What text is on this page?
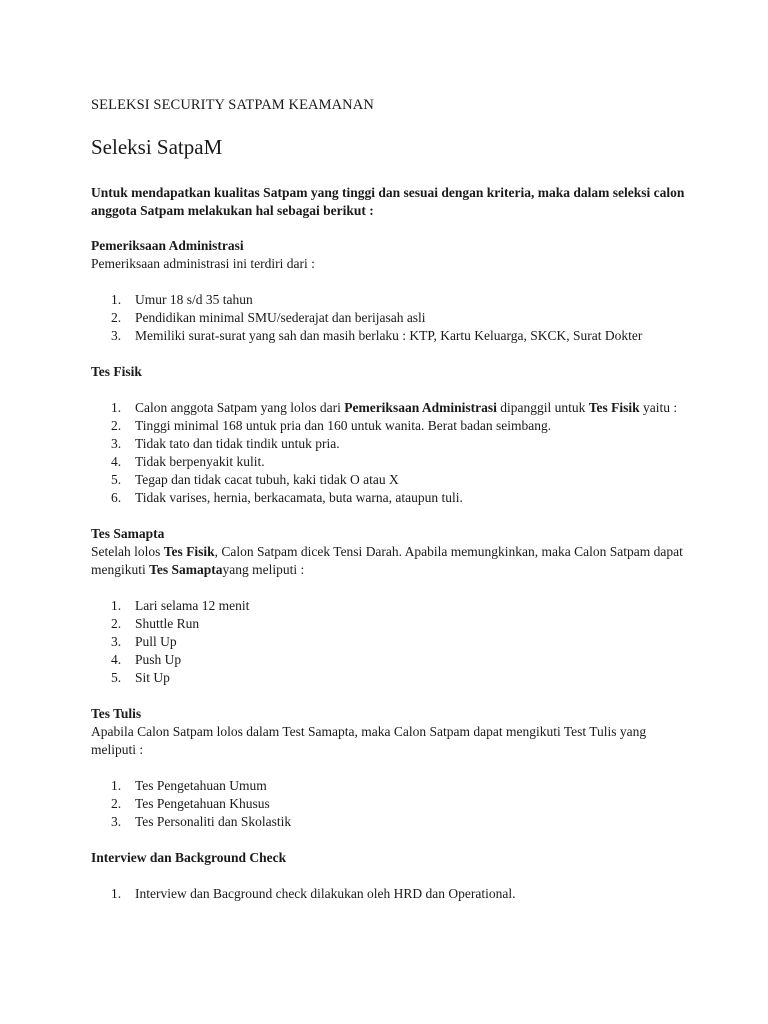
SELEKSI SECURITY SATPAM KEAMANAN
Seleksi SatpaM

Untuk mendapatkan kualitas Satpam yang tinggi dan sesuai dengan kriteria, maka dalam seleksi calon anggota Satpam melakukan hal sebagai berikut :

Pemeriksaan Administrasi

Pemeriksaan administrasi ini terdiri dari :

1.	Umur 18 s/d 35 tahun
2.	Pendidikan minimal SMU/sederajat dan berijasah asli
3.	Memiliki surat-surat yang sah dan masih berlaku : KTP, Kartu Keluarga, SKCK, Surat Dokter

Tes Fisik

1.	Calon anggota Satpam yang lolos dari Pemeriksaan Administrasi dipanggil untuk Tes Fisik yaitu :
2.	Tinggi minimal 168 untuk pria dan 160 untuk wanita. Berat badan seimbang.
3.	Tidak tato dan tidak tindik untuk pria.
4.	Tidak berpenyakit kulit.
5.	Tegap dan tidak cacat tubuh, kaki tidak O atau X
6.	Tidak varises, hernia, berkacamata, buta warna, ataupun tuli.

Tes Samapta

Setelah lolos Tes Fisik, Calon Satpam dicek Tensi Darah. Apabila memungkinkan, maka Calon Satpam dapat mengikuti Tes Samaptayang meliputi :

1.	Lari selama 12 menit
2.	Shuttle Run
3.	Pull Up
4.	Push Up
5.	Sit Up

Tes Tulis

Apabila Calon Satpam lolos dalam Test Samapta, maka Calon Satpam dapat mengikuti Test Tulis yang meliputi :

1.	Tes Pengetahuan Umum
2.	Tes Pengetahuan Khusus
3.	Tes Personaliti dan Skolastik

Interview dan Background Check

1.	Interview dan Bacground check dilakukan oleh HRD dan Operational.
